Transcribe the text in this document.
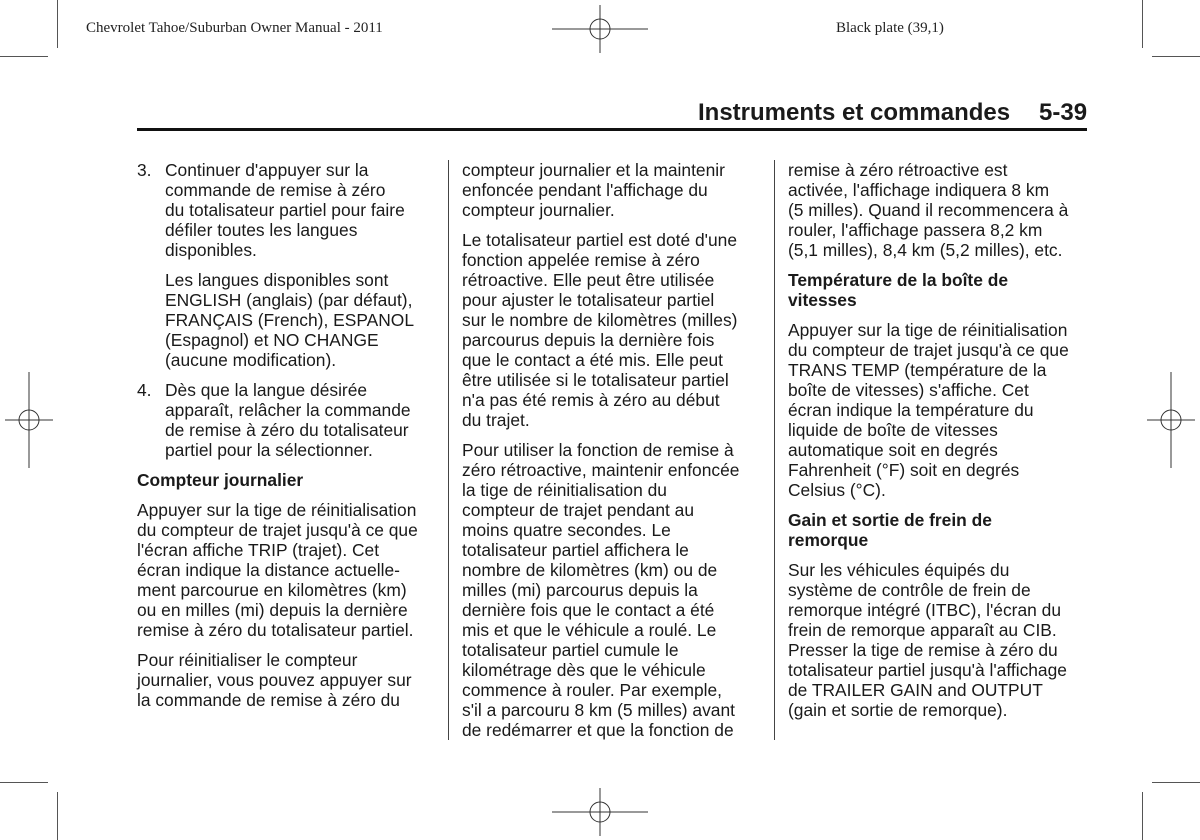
Chevrolet Tahoe/Suburban Owner Manual - 2011	Black plate (39,1)
Instruments et commandes 5-39
3. Continuer d'appuyer sur la
commande de remise à zéro
du totalisateur partiel pour faire
défiler toutes les langues
disponibles.
Les langues disponibles sont
ENGLISH (anglais) (par défaut),
FRANÇAIS (French), ESPANOL
(Espagnol) et NO CHANGE
(aucune modification).
4. Dès que la langue désirée
apparaît, relâcher la commande
de remise à zéro du totalisateur
partiel pour la sélectionner.
Compteur journalier
Appuyer sur la tige de réinitialisation
du compteur de trajet jusqu'à ce que
l'écran affiche TRIP (trajet). Cet
écran indique la distance actuelle-
ment parcourue en kilomètres (km)
ou en milles (mi) depuis la dernière
remise à zéro du totalisateur partiel.
Pour réinitialiser le compteur
journalier, vous pouvez appuyer sur
la commande de remise à zéro du
compteur journalier et la maintenir
enfoncée pendant l'affichage du
compteur journalier.
Le totalisateur partiel est doté d'une
fonction appelée remise à zéro
rétroactive. Elle peut être utilisée
pour ajuster le totalisateur partiel
sur le nombre de kilomètres (milles)
parcourus depuis la dernière fois
que le contact a été mis. Elle peut
être utilisée si le totalisateur partiel
n'a pas été remis à zéro au début
du trajet.
Pour utiliser la fonction de remise à
zéro rétroactive, maintenir enfoncée
la tige de réinitialisation du
compteur de trajet pendant au
moins quatre secondes. Le
totalisateur partiel affichera le
nombre de kilomètres (km) ou de
milles (mi) parcourus depuis la
dernière fois que le contact a été
mis et que le véhicule a roulé. Le
totalisateur partiel cumule le
kilométrage dès que le véhicule
commence à rouler. Par exemple,
s'il a parcouru 8 km (5 milles) avant
de redémarrer et que la fonction de
remise à zéro rétroactive est
activée, l'affichage indiquera 8 km
(5 milles). Quand il recommencera à
rouler, l'affichage passera 8,2 km
(5,1 milles), 8,4 km (5,2 milles), etc.
Température de la boîte de
vitesses
Appuyer sur la tige de réinitialisation
du compteur de trajet jusqu'à ce que
TRANS TEMP (température de la
boîte de vitesses) s'affiche. Cet
écran indique la température du
liquide de boîte de vitesses
automatique soit en degrés
Fahrenheit (°F) soit en degrés
Celsius (°C).
Gain et sortie de frein de
remorque
Sur les véhicules équipés du
système de contrôle de frein de
remorque intégré (ITBC), l'écran du
frein de remorque apparaît au CIB.
Presser la tige de remise à zéro du
totalisateur partiel jusqu'à l'affichage
de TRAILER GAIN and OUTPUT
(gain et sortie de remorque).
